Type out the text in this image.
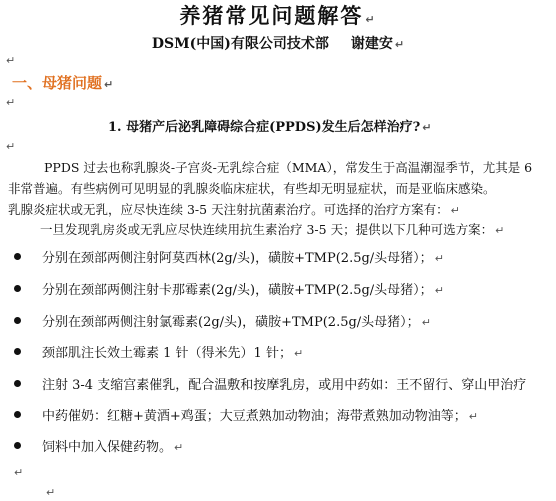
养猪常见问题解答 ↵
DSM(中国)有限公司技术部 谢建安 ↵
↵
一、母猪问题 ↵
↵
1. 母猪产后泌乳障碍综合症(PPDS)发生后怎样治疗? ↵
↵
PPDS 过去也称乳腺炎-子宫炎-无乳综合症（MMA），常发生于高温潮湿季节，尤其是 6
非常普遍。有些病例可见明显的乳腺炎临床症状，有些却无明显症状，而是亚临床感染。
乳腺炎症状或无乳，应尽快连续 3-5 天注射抗菌素治疗。可选择的治疗方案有： ↵
一旦发现乳房炎或无乳应尽快连续用抗生素治疗 3-5 天；提供以下几种可选方案： ↵
分别在颈部两侧注射阿莫西林(2g/头)，磺胺+TMP(2.5g/头母猪）； ↵
分别在颈部两侧注射卡那霉素(2g/头)，磺胺+TMP(2.5g/头母猪）； ↵
分别在颈部两侧注射氯霉素(2g/头)，磺胺+TMP(2.5g/头母猪）； ↵
颈部肌注长效土霉素 1 针（得米先）1 针； ↵
注射 3-4 支缩宫素催乳，配合温敷和按摩乳房，或用中药如：王不留行、穿山甲治疗
中药催奶：红糖+黄酒+鸡蛋；大豆煮熟加动物油；海带煮熟加动物油等； ↵
饲料中加入保健药物。 ↵
↵
↵
